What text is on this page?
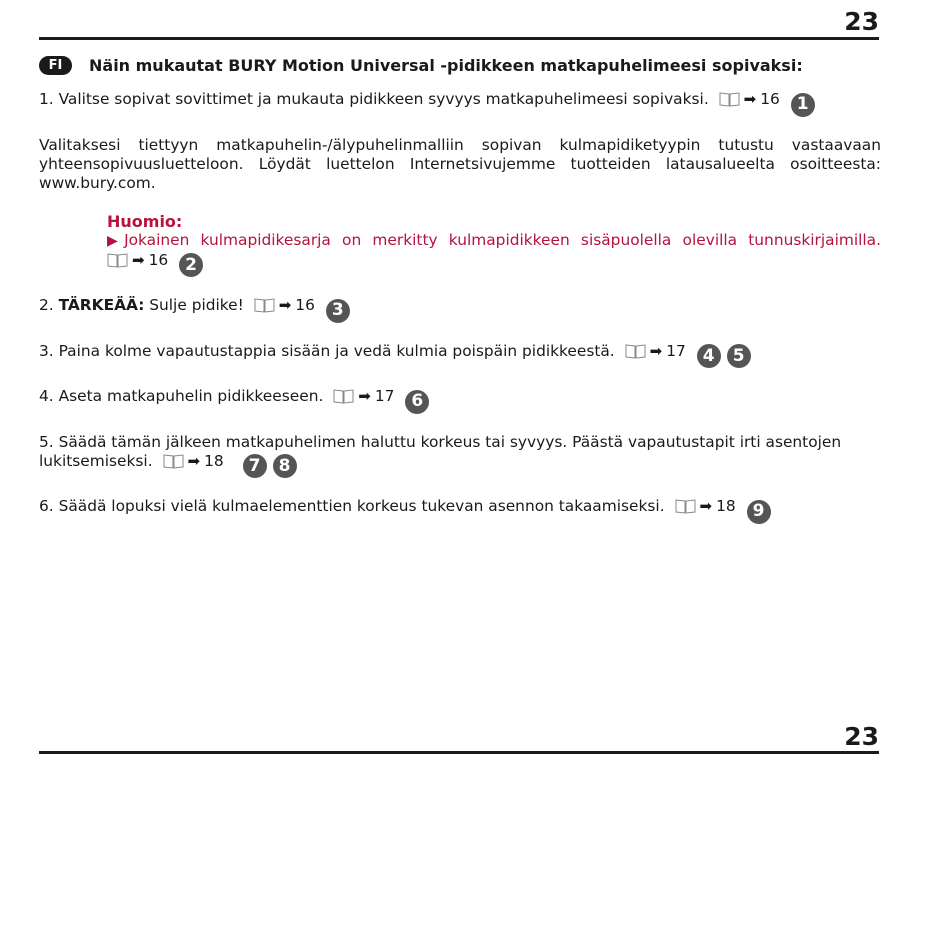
23
FI	Näin mukautat BURY Motion Universal -pidikkeen matkapuhelimeesi sopivaksi:

1. Valitse sopivat sovittimet ja mukauta pidikkeen syvyys matkapuhelimeesi sopivaksi. ➡ 16 1

Valitaksesi tiettyyn matkapuhelin-/älypuhelinmalliin sopivan kulmapidiketyypin tutustu vastaavaan yhteensopivuusluetteloon. Löydät luettelon Internetsivujemme tuotteiden latausalueelta osoitteesta: www.bury.com.

Huomio:
▶Jokainen kulmapidikesarja on merkitty kulmapidikkeen sisäpuolella olevilla tunnuskirjaimilla.
➡ 16 2

2. TÄRKEÄÄ: Sulje pidike! ➡ 16 3

3. Paina kolme vapautustappia sisään ja vedä kulmia poispäin pidikkeestä. ➡ 17 4 5

4. Aseta matkapuhelin pidikkeeseen. ➡ 17 6

5. Säädä tämän jälkeen matkapuhelimen haluttu korkeus tai syvyys. Päästä vapautustapit irti asentojen lukitsemiseksi. ➡ 18 7 8

6. Säädä lopuksi vielä kulmaelementtien korkeus tukevan asennon takaamiseksi. ➡ 18 9

23
